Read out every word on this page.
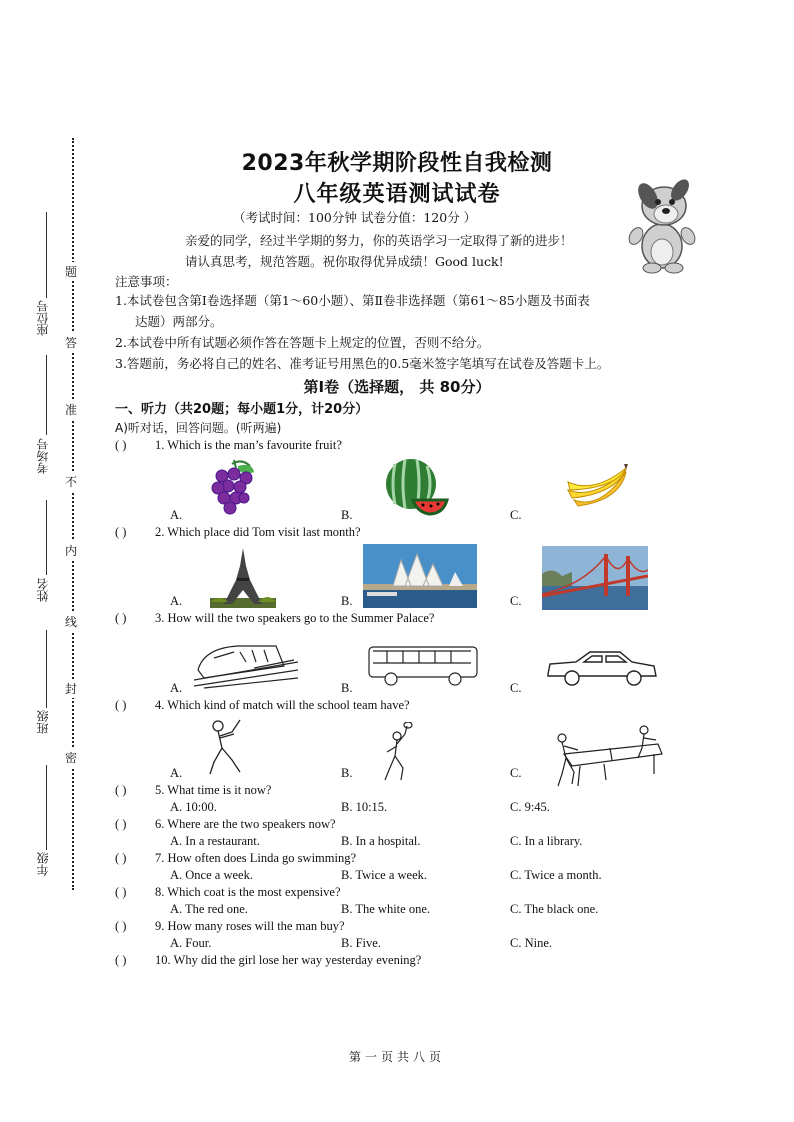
题
答
准
不
内
线
封
密
座位号
考场号
姓名
班级
年级
2023年秋学期阶段性自我检测
八年级英语测试试卷
（考试时间：100分钟 试卷分值：120分 ）
亲爱的同学，经过半学期的努力，你的英语学习一定取得了新的进步！
请认真思考，规范答题。祝你取得优异成绩！Good luck!
注意事项：
1.本试卷包含第Ⅰ卷选择题（第1～60小题）、第Ⅱ卷非选择题（第61～85小题及书面表
达题）两部分。
2.本试卷中所有试题必须作答在答题卡上规定的位置，否则不给分。
3.答题前，务必将自己的姓名、准考证号用黑色的0.5毫米签字笔填写在试卷及答题卡上。
第Ⅰ卷（选择题， 共 80分）
一、听力（共20题；每小题1分，计20分）
A)听对话，回答问题。(听两遍)
( ) 1. Which is the man’s favourite fruit?
A.	B.	C.
( ) 2. Which place did Tom visit last month?
A.	B.	C.
( ) 3. How will the two speakers go to the Summer Palace?
A.	B.	C.
( ) 4. Which kind of match will the school team have?
A.	B.	C.
( ) 5. What time is it now?
A. 10:00.	B. 10:15.	C. 9:45.
( ) 6. Where are the two speakers now?
A. In a restaurant.	B. In a hospital.	C. In a library.
( ) 7. How often does Linda go swimming?
A. Once a week.	B. Twice a week.	C. Twice a month.
( ) 8. Which coat is the most expensive?
A. The red one.	B. The white one.	C. The black one.
( ) 9. How many roses will the man buy?
A. Four.	B. Five.	C. Nine.
( ) 10. Why did the girl lose her way yesterday evening?
第一页共八页
